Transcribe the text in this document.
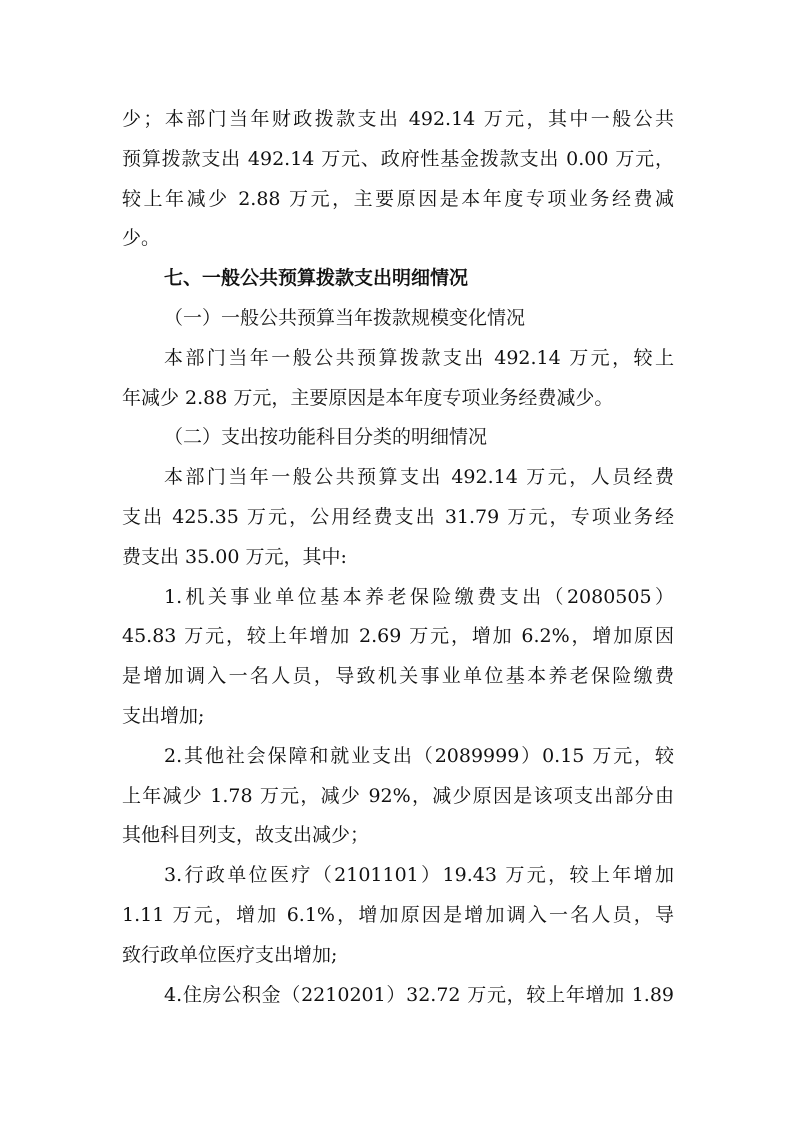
少；本部门当年财政拨款支出 492.14 万元，其中一般公共
预算拨款支出 492.14 万元、政府性基金拨款支出 0.00 万元，
较上年减少 2.88 万元，主要原因是本年度专项业务经费减
少。
七、一般公共预算拨款支出明细情况
（一）一般公共预算当年拨款规模变化情况
本部门当年一般公共预算拨款支出 492.14 万元，较上
年减少 2.88 万元，主要原因是本年度专项业务经费减少。
（二）支出按功能科目分类的明细情况
本部门当年一般公共预算支出 492.14 万元，人员经费
支出 425.35 万元，公用经费支出 31.79 万元，专项业务经
费支出 35.00 万元，其中:
1.机关事业单位基本养老保险缴费支出（2080505）
45.83 万元，较上年增加 2.69 万元，增加 6.2%，增加原因
是增加调入一名人员，导致机关事业单位基本养老保险缴费
支出增加;
2.其他社会保障和就业支出（2089999）0.15 万元，较
上年减少 1.78 万元，减少 92%，减少原因是该项支出部分由
其他科目列支，故支出减少；
3.行政单位医疗（2101101）19.43 万元，较上年增加
1.11 万元，增加 6.1%，增加原因是增加调入一名人员，导
致行政单位医疗支出增加;
4.住房公积金（2210201）32.72 万元，较上年增加 1.89
